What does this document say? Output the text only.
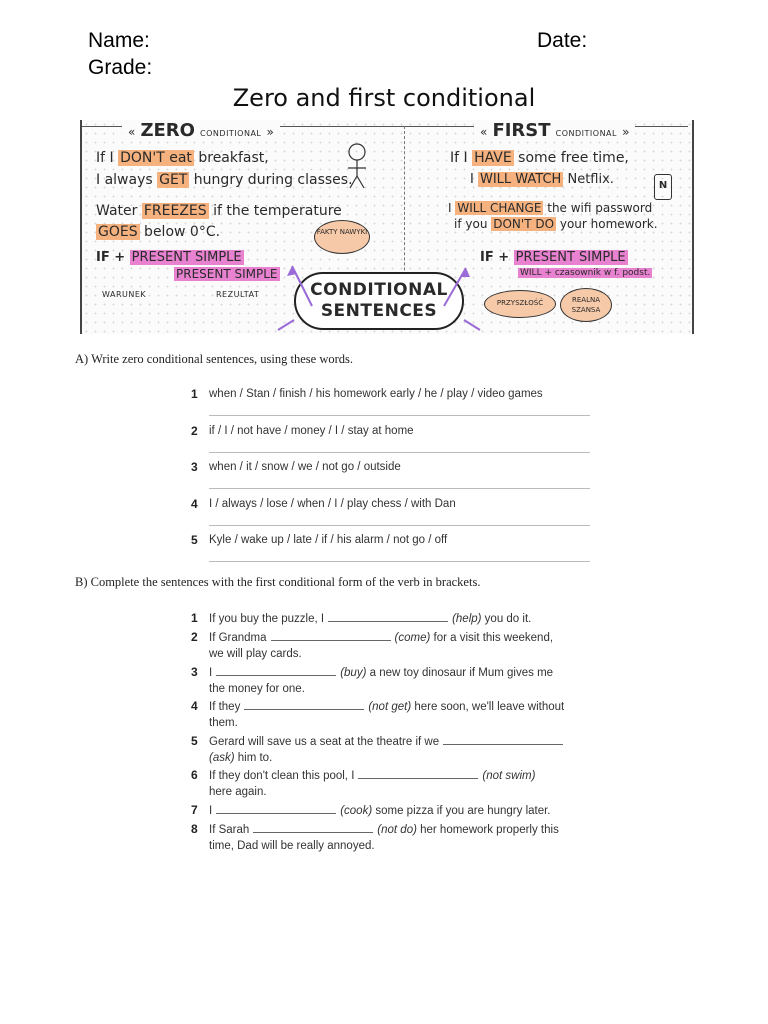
Name:	Date:
Grade:
Zero and first conditional
« ZERO CONDITIONAL »
If I DON'T eat breakfast,
I always GET hungry during classes.
Water FREEZES if the temperature
GOES below 0°C.	FAKTY NAWYKI
IF + PRESENT SIMPLE
PRESENT SIMPLE
WARUNEK	REZULTAT
« FIRST CONDITIONAL »
If I HAVE some free time,
I WILL WATCH Netflix.	N
I WILL CHANGE the wifi password
if you DON'T DO your homework.
IF + PRESENT SIMPLE
WILL + czasownik w f. podst.
PRZYSZŁOŚĆ	REALNA SZANSA
CONDITIONAL
SENTENCES
A) Write zero conditional sentences, using these words.
1 when / Stan / finish / his homework early / he / play / video games
2 if / I / not have / money / I / stay at home
3 when / it / snow / we / not go / outside
4 I / always / lose / when / I / play chess / with Dan
5 Kyle / wake up / late / if / his alarm / not go / off
B) Complete the sentences with the first conditional form of the verb in brackets.
1 If you buy the puzzle, I	(help) you do it.

2 If Grandma	(come) for a visit this weekend,
we will play cards.
3 I	(buy) a new toy dinosaur if Mum gives me
the money for one.
4 If they	(not get) here soon, we'll leave without
them.
5 Gerard will save us a seat at the theatre if we
(ask) him to.
6 If they don't clean this pool, I	(not swim)
here again.
7 I	(cook) some pizza if you are hungry later.

8 If Sarah	(not do) her homework properly this
time, Dad will be really annoyed.
